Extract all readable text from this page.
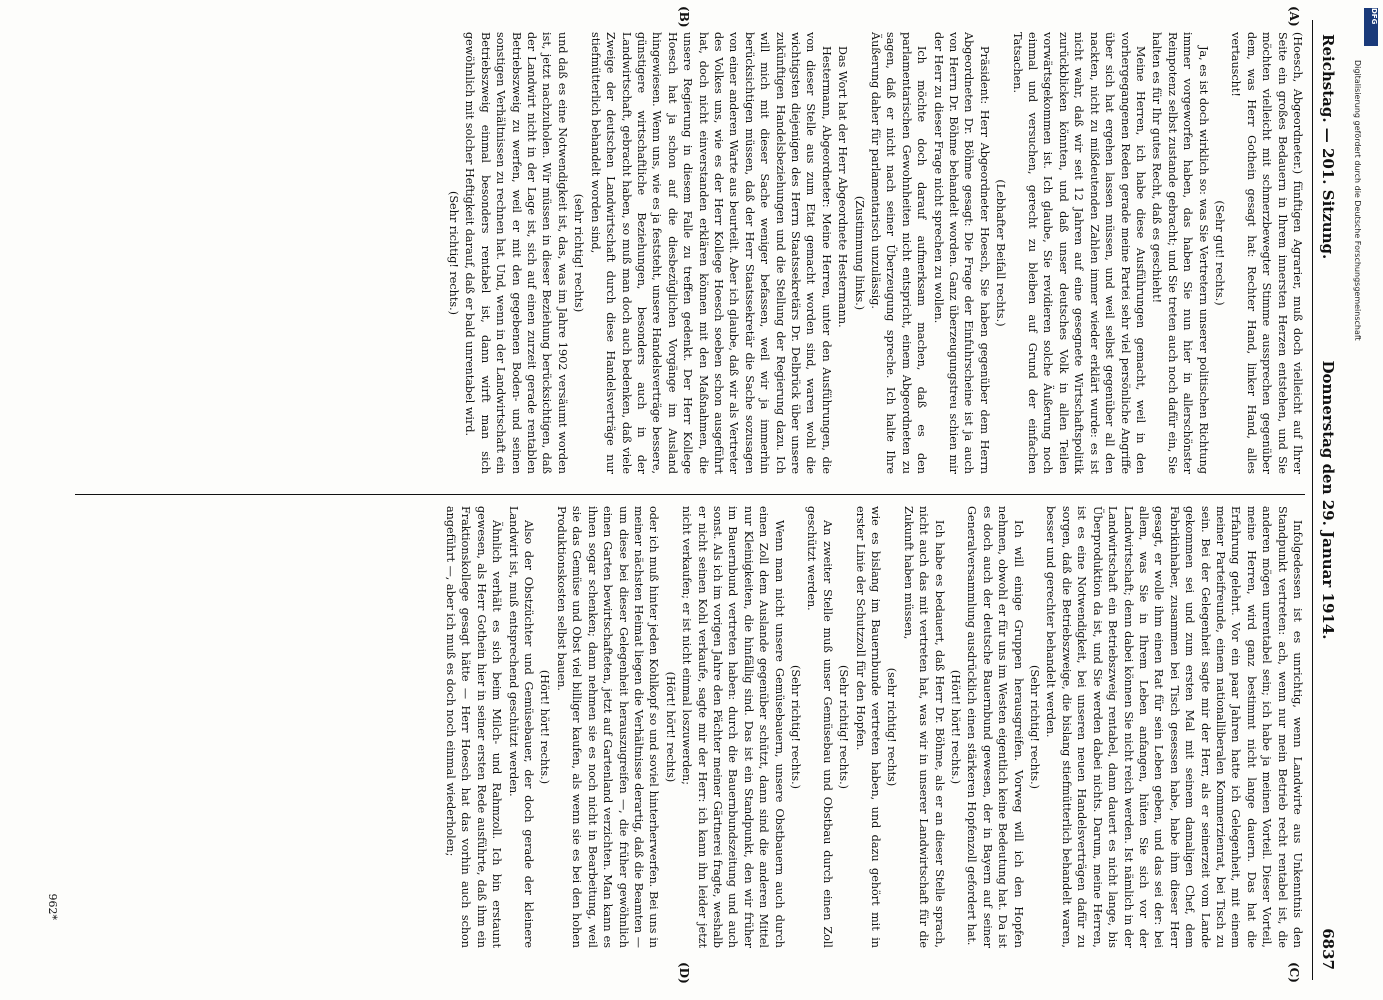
Reichstag. — 201. Sitzung.
Donnerstag den 29. Januar 1914.
6837
(A)
(B)
(C)
(D)

(Hoesch, Abgeordneter.) fünftigen Agrarier, muß doch vielleicht auf Ihrer Seite ein großes Bedauern in Ihrem innersten Herzen entstehen, und Sie möchten vielleicht mit schmerzbewegter Stimme aussprechen gegenüber dem, was Herr Gothein gesagt hat: Rechter Hand, linker Hand, alles vertauscht!

(Sehr gut! rechts.)

Ja, es ist doch wirklich so: was Sie Vertretern unserer politischen Richtung immer vorgeworfen haben, das haben Sie nun hier in allerschönster Reinpotenz selbst zustande gebracht; und Sie treten auch noch dafür ein, Sie halten es für Ihr gutes Recht, daß es geschieht!

Meine Herren, ich habe diese Ausführungen gemacht, weil in den vorhergegangenen Reden gerade meine Partei sehr viel persönliche Angriffe über sich hat ergehen lassen müssen, und weil selbst gegenüber all den nackten, nicht zu mißdeutenden Zahlen immer wieder erklärt wurde: es ist nicht wahr, daß wir seit 12 Jahren auf eine gesegnete Wirtschaftspolitik zurückblicken könnten, und daß unser deutsches Volk in allen Teilen vorwärtsgekommen ist. Ich glaube, Sie revidieren solche Äußerung noch einmal und versuchen, gerecht zu bleiben auf Grund der einfachen Tatsachen.

(Lebhafter Beifall rechts.)

Präsident: Herr Abgeordneter Hoesch, Sie haben gegenüber dem Herrn Abgeordneten Dr. Böhme gesagt: Die Frage der Einfuhrscheine ist ja auch von Herrn Dr. Böhme behandelt worden. Ganz überzeugungstreu schien mir der Herr zu dieser Frage nicht sprechen zu wollen.

Ich möchte doch darauf aufmerksam machen, daß es den parlamentarischen Gewohnheiten nicht entspricht, einem Abgeordneten zu sagen, daß er nicht nach seiner Überzeugung spreche. Ich halte Ihre Äußerung daher für parlamentarisch unzulässig.

(Zustimmung links.)

Das Wort hat der Herr Abgeordnete Hestermann.

Hestermann, Abgeordneter: Meine Herren, unter den Ausführungen, die von dieser Stelle aus zum Etat gemacht worden sind, waren wohl die wichtigsten diejenigen des Herrn Staatssekretärs Dr. Delbrück über unsere zukünftigen Handelsbeziehungen und die Stellung der Regierung dazu. Ich will mich mit dieser Sache weniger befassen, weil wir ja immerhin berücksichtigen müssen, daß der Herr Staatssekretär die Sache sozusagen von einer anderen Warte aus beurteilt. Aber ich glaube, daß wir als Vertreter des Volkes uns, wie es der Herr Kollege Hoesch soeben schon ausgeführt hat, doch nicht einverstanden erklären können mit den Maßnahmen, die unsere Regierung in diesem Falle zu treffen gedenkt. Der Herr Kollege Hoesch hat ja schon auf die diesbezüglichen Vorgänge im Ausland hingewiesen. Wenn uns, wie es ja feststeht, unsere Handelsverträge bessere, günstigere wirtschaftliche Beziehungen, besonders auch in der Landwirtschaft, gebracht haben, so muß man doch auch bedenken, daß viele Zweige der deutschen Landwirtschaft durch diese Handelsverträge nur stiefmütterlich behandelt worden sind,

(sehr richtig! rechts)

und daß es eine Notwendigkeit ist, das, was im Jahre 1902 versäumt worden ist, jetzt nachzuholen. Wir müssen in dieser Beziehung berücksichtigen, daß der Landwirt nicht in der Lage ist, sich auf einen zurzeit gerade rentablen Betriebszweig zu werfen, weil er mit den gegebenen Boden- und seinen sonstigen Verhältnissen zu rechnen hat. Und, wenn in der Landwirtschaft ein Betriebszweig einmal besonders rentabel ist, dann wirft man sich gewöhnlich mit solcher Heftigkeit darauf, daß er bald unrentabel wird.

(Sehr richtig! rechts.)

Infolgedessen ist es unrichtig, wenn Landwirte aus Unkenntnis den Standpunkt vertreten: ach, wenn nur mein Betrieb recht rentabel ist, die anderen mögen unrentabel sein; ich habe ja meinen Vorteil. Dieser Vorteil, meine Herren, wird ganz bestimmt nicht lange dauern. Das hat die Erfahrung gelehrt. Vor ein paar Jahren hatte ich Gelegenheit, mit einem meiner Parteifreunde, einem nationalliberalen Kommerzienrat, bei Tisch zu sein. Bei der Gelegenheit sagte mir der Herr, als er seinerzeit vom Lande gekommen sei und zum ersten Mal mit seinem damaligen Chef, dem Fabrikinhaber, zusammen bei Tisch gesessen habe, habe ihm dieser Herr gesagt, er wolle ihm einen Rat für sein Leben geben, und das sei der: bei allem, was Sie in Ihrem Leben anfangen, hüten Sie sich vor der Landwirtschaft; denn dabei können Sie nicht reich werden. Ist nämlich in der Landwirtschaft ein Betriebszweig rentabel, dann dauert es nicht lange, bis Überproduktion da ist, und Sie werden dabei nichts. Darum, meine Herren, ist es eine Notwendigkeit, bei unseren neuen Handelsverträgen dafür zu sorgen, daß die Betriebszweige, die bislang stiefmütterlich behandelt waren, besser und gerechter behandelt werden.

(Sehr richtig! rechts.)

Ich will einige Gruppen herausgreifen. Vorweg will ich den Hopfen nehmen, obwohl er für uns im Westen eigentlich keine Bedeutung hat. Da ist es doch auch der deutsche Bauernbund gewesen, der in Bayern auf seiner Generalversammlung ausdrücklich einen stärkeren Hopfenzoll gefordert hat.

(Hört! hört! rechts.)

Ich habe es bedauert, daß Herr Dr. Böhme, als er an dieser Stelle sprach, nicht auch das mit vertreten hat, was wir in unserer Landwirtschaft für die Zukunft haben müssen,

(sehr richtig! rechts)

wie es bislang im Bauernbunde vertreten haben, und dazu gehört mit in erster Linie der Schutzzoll für den Hopfen.

(Sehr richtig! rechts.)

An zweiter Stelle muß unser Gemüsebau und Obstbau durch einen Zoll geschützt werden.

(Sehr richtig! rechts.)

Wenn man nicht unsere Gemüsebauern, unsere Obstbauern auch durch einen Zoll dem Auslande gegenüber schützt, dann sind die anderen Mittel nur Kleinigkeiten, die hinfällig sind. Das ist ein Standpunkt, den wir früher im Bauernbund vertreten haben: durch die Bauernbundszeitung und auch sonst. Als ich im vorigen Jahre den Pächter meiner Gärtnerei fragte, weshalb er nicht seinen Kohl verkaufe, sagte mir der Herr: ich kann ihn leider jetzt nicht verkaufen; er ist nicht einmal loszuwerden;

(Hört! hört! rechts)

oder ich muß hinter jeden Kohlkopf so und soviel hinterherwerfen. Bei uns in meiner nächsten Heimat liegen die Verhältnisse derartig, daß die Beamten — um diese bei dieser Gelegenheit herauszugreifen —, die früher gewöhnlich einen Garten bewirtschafteten, jetzt auf Gartenland verzichten. Man kann es ihnen sogar schenken; dann nehmen sie es noch nicht in Bearbeitung, weil sie das Gemüse und Obst viel billiger kaufen, als wenn sie es bei den hohen Produktionskosten selbst bauen.

(Hört! hört! rechts.)

Also der Obstzüchter und Gemüsebauer, der doch gerade der kleinere Landwirt ist, muß entsprechend geschützt werden.

Ähnlich verhält es sich beim Milch- und Rahmzoll. Ich bin erstaunt gewesen, als Herr Gothein hier in seiner ersten Rede ausführte, daß ihm ein Fraktionskollege gesagt hätte — Herr Hoesch hat das vorhin auch schon angeführt —, aber ich muß es doch noch einmal wiederholen;

962*
DFG
Digitalisierung gefördert durch die Deutsche Forschungsgemeinschaft
